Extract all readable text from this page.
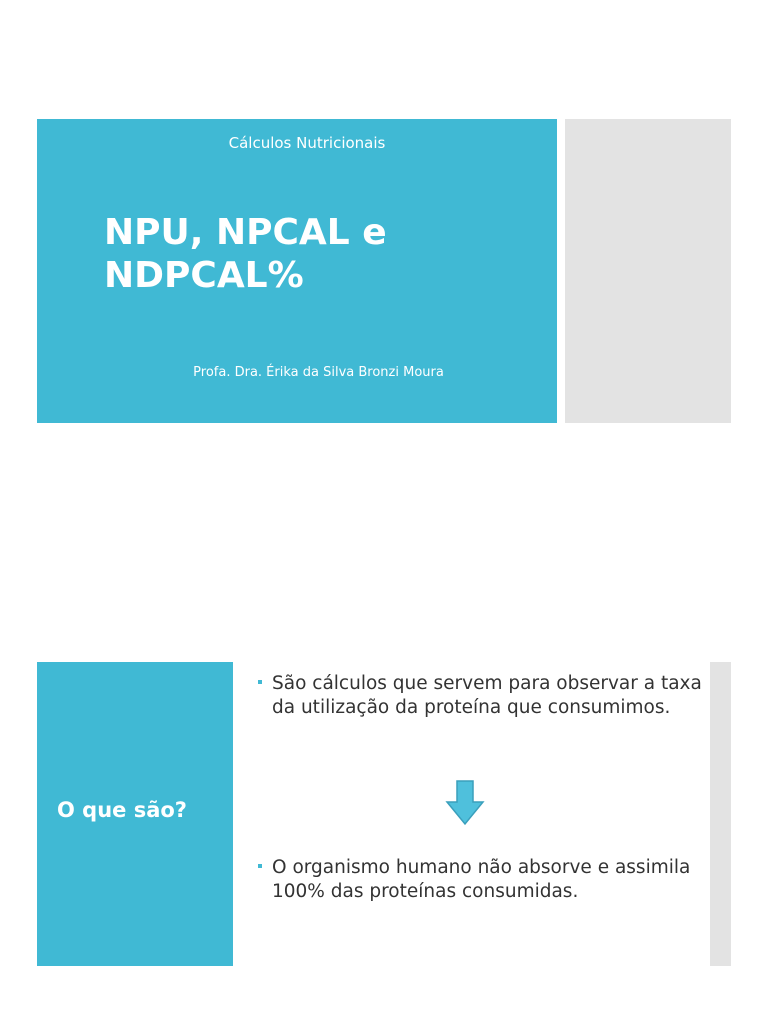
Cálculos Nutricionais
NPU, NPCAL e
NDPCAL%
Profa. Dra. Érika da Silva Bronzi Moura
O que são?
São cálculos que servem para observar a taxa da utilização da proteína que consumimos.
O organismo humano não absorve e assimila 100% das proteínas consumidas.
